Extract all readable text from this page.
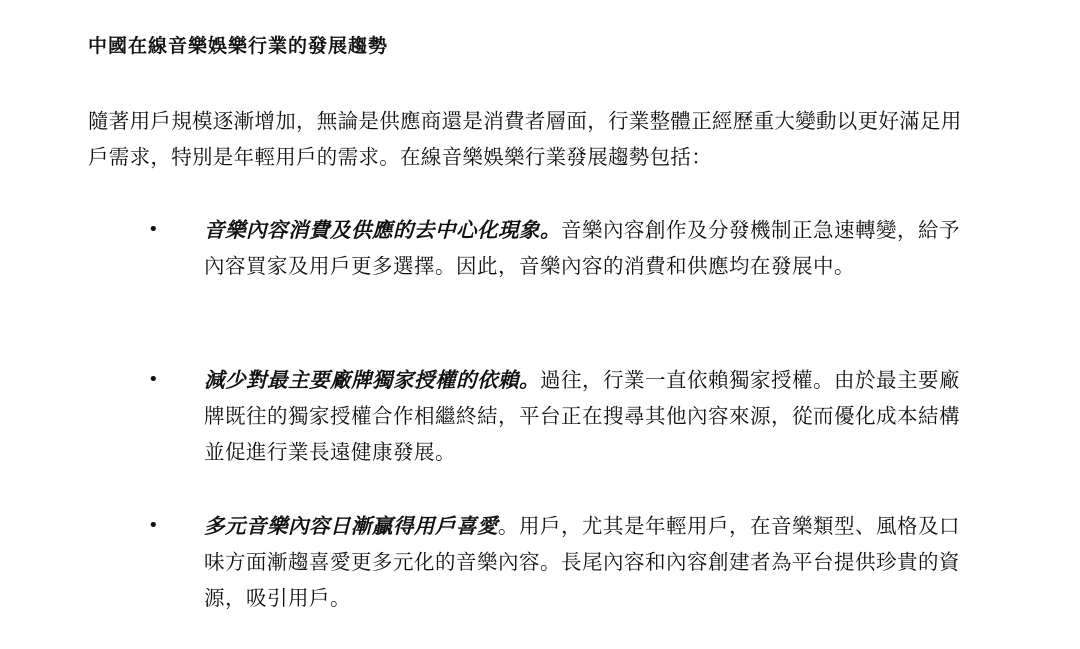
中國在線音樂娛樂行業的發展趨勢

隨著用戶規模逐漸增加，無論是供應商還是消費者層面，行業整體正經歷重大變動以更好滿足用戶需求，特別是年輕用戶的需求。在線音樂娛樂行業發展趨勢包括：

• 音樂內容消費及供應的去中心化現象。音樂內容創作及分發機制正急速轉變，給予內容買家及用戶更多選擇。因此，音樂內容的消費和供應均在發展中。

• 減少對最主要廠牌獨家授權的依賴。過往，行業一直依賴獨家授權。由於最主要廠牌既往的獨家授權合作相繼終結，平台正在搜尋其他內容來源，從而優化成本結構並促進行業長遠健康發展。

• 多元音樂內容日漸贏得用戶喜愛。用戶，尤其是年輕用戶，在音樂類型、風格及口味方面漸趨喜愛更多元化的音樂內容。長尾內容和內容創建者為平台提供珍貴的資源，吸引用戶。
